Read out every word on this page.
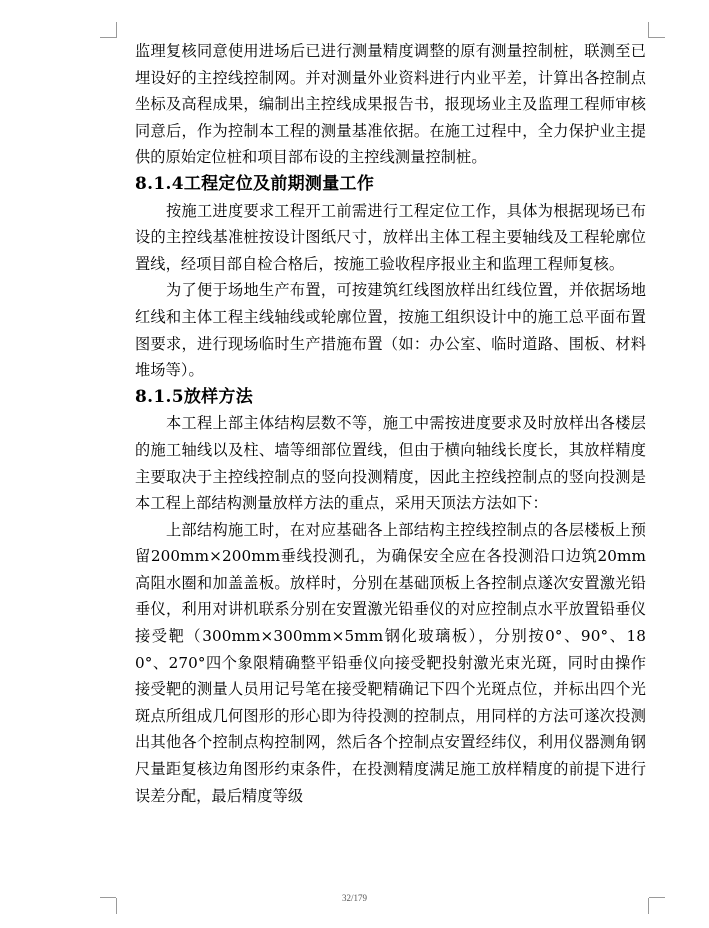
监理复核同意使用进场后已进行测量精度调整的原有测量控制桩，联测至已埋设好的主控线控制网。并对测量外业资料进行内业平差，计算出各控制点坐标及高程成果，编制出主控线成果报告书，报现场业主及监理工程师审核同意后，作为控制本工程的测量基准依据。在施工过程中，全力保护业主提供的原始定位桩和项目部布设的主控线测量控制桩。

8.1.4工程定位及前期测量工作

按施工进度要求工程开工前需进行工程定位工作，具体为根据现场已布设的主控线基准桩按设计图纸尺寸，放样出主体工程主要轴线及工程轮廓位置线，经项目部自检合格后，按施工验收程序报业主和监理工程师复核。

为了便于场地生产布置，可按建筑红线图放样出红线位置，并依据场地红线和主体工程主线轴线或轮廓位置，按施工组织设计中的施工总平面布置图要求，进行现场临时生产措施布置（如：办公室、临时道路、围板、材料堆场等）。

8.1.5放样方法

本工程上部主体结构层数不等，施工中需按进度要求及时放样出各楼层的施工轴线以及柱、墙等细部位置线，但由于横向轴线长度长，其放样精度主要取决于主控线控制点的竖向投测精度，因此主控线控制点的竖向投测是本工程上部结构测量放样方法的重点，采用天顶法方法如下：

上部结构施工时，在对应基础各上部结构主控线控制点的各层楼板上预留200mm×200mm垂线投测孔，为确保安全应在各投测沿口边筑20mm高阻水圈和加盖盖板。放样时，分别在基础顶板上各控制点遂次安置激光铅垂仪，利用对讲机联系分别在安置激光铅垂仪的对应控制点水平放置铅垂仪接受靶（300mm×300mm×5mm钢化玻璃板），分别按0°、90°、180°、270°四个象限精确整平铅垂仪向接受靶投射激光束光斑，同时由操作接受靶的测量人员用记号笔在接受靶精确记下四个光斑点位，并标出四个光斑点所组成几何图形的形心即为待投测的控制点，用同样的方法可遂次投测出其他各个控制点构控制网，然后各个控制点安置经纬仪，利用仪器测角钢尺量距复核边角图形约束条件，在投测精度满足施工放样精度的前提下进行误差分配，最后精度等级

32/179
